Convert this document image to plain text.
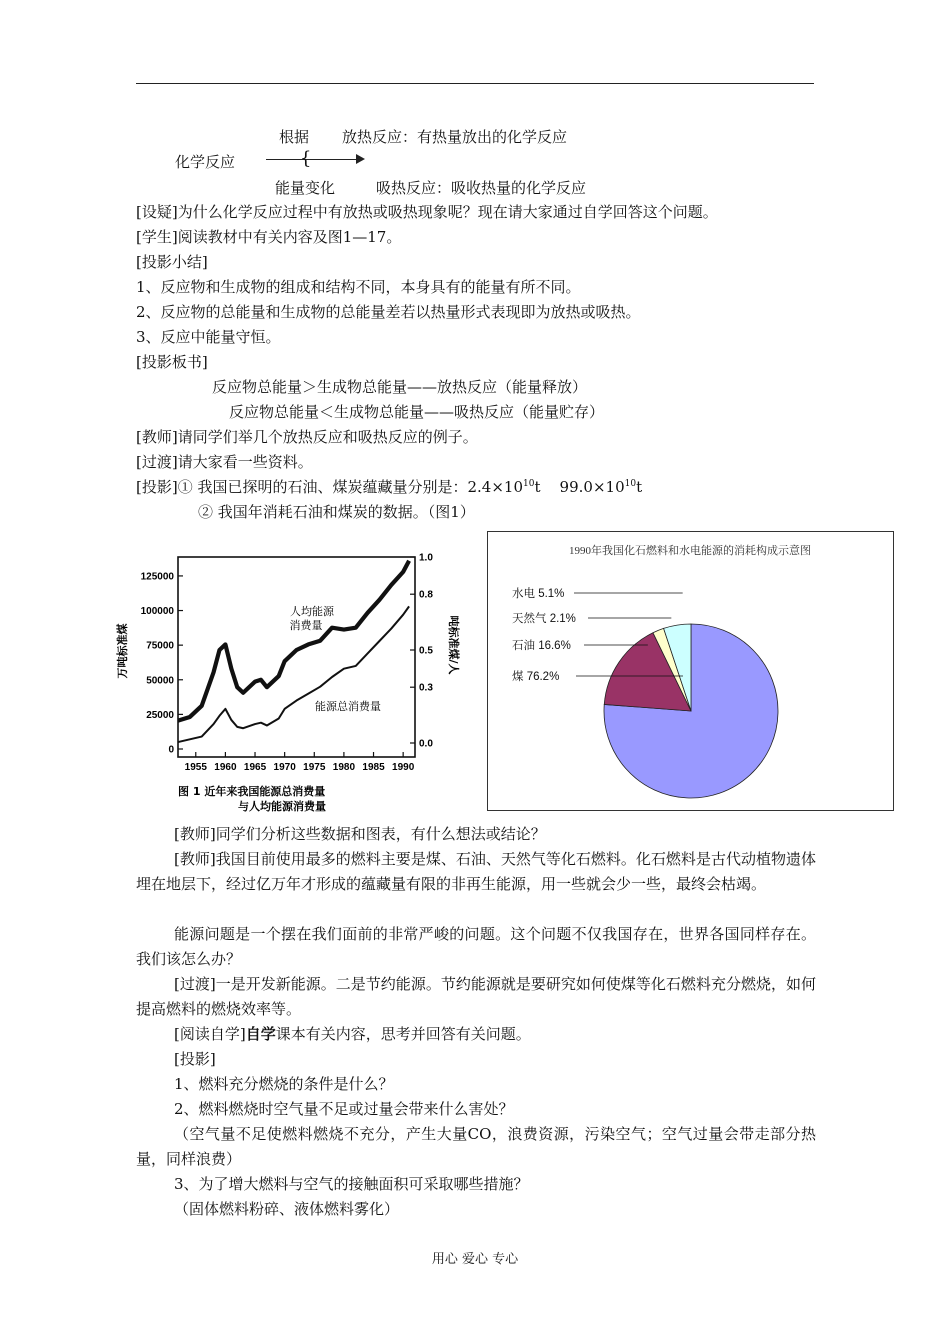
根据 放热反应：有热量放出的化学反应
化学反应	{
能量变化	吸热反应：吸收热量的化学反应
[设疑]为什么化学反应过程中有放热或吸热现象呢？现在请大家通过自学回答这个问题。
[学生]阅读教材中有关内容及图1—17。
[投影小结]
1、反应物和生成物的组成和结构不同，本身具有的能量有所不同。
2、反应物的总能量和生成物的总能量差若以热量形式表现即为放热或吸热。
3、反应中能量守恒。
[投影板书]
反应物总能量＞生成物总能量——放热反应（能量释放）
反应物总能量＜生成物总能量——吸热反应（能量贮存）
[教师]请同学们举几个放热反应和吸热反应的例子。
[过渡]请大家看一些资料。
[投影]① 我国已探明的石油、煤炭蕴藏量分别是：$2.4\times 10^{10}t$    $99.0\times 10^{10}t$
② 我国年消耗石油和煤炭的数据。（图1）
125000
100000
75000
50000
25000
0
1.0
0.8
0.5
0.3
0.0
1955 1960 1965 1970 1975 1980 1985 1990
人均能源
消费量
能源总消费量
万吨标准煤	吨标准煤/人
图 1 近年来我国能源总消费量
与人均能源消费量
1990年我国化石燃料和水电能源的消耗构成示意图
煤 76.2%
石油 16.6%
天然气 2.1%
水电 5.1%
[教师]同学们分析这些数据和图表，有什么想法或结论？
[教师]我国目前使用最多的燃料主要是煤、石油、天然气等化石燃料。化石燃料是古代动植物遗体埋在地层下，经过亿万年才形成的蕴藏量有限的非再生能源，用一些就会少一些，最终会枯竭。
能源问题是一个摆在我们面前的非常严峻的问题。这个问题不仅我国存在，世界各国同样存在。我们该怎么办？
[过渡]一是开发新能源。二是节约能源。节约能源就是要研究如何使煤等化石燃料充分燃烧，如何提高燃料的燃烧效率等。
[阅读自学]自学课本有关内容，思考并回答有关问题。
[投影]
1、燃料充分燃烧的条件是什么？
2、燃料燃烧时空气量不足或过量会带来什么害处？
（空气量不足使燃料燃烧不充分，产生大量CO，浪费资源，污染空气；空气过量会带走部分热量，同样浪费）
3、为了增大燃料与空气的接触面积可采取哪些措施？
（固体燃料粉碎、液体燃料雾化）
用心 爱心 专心
